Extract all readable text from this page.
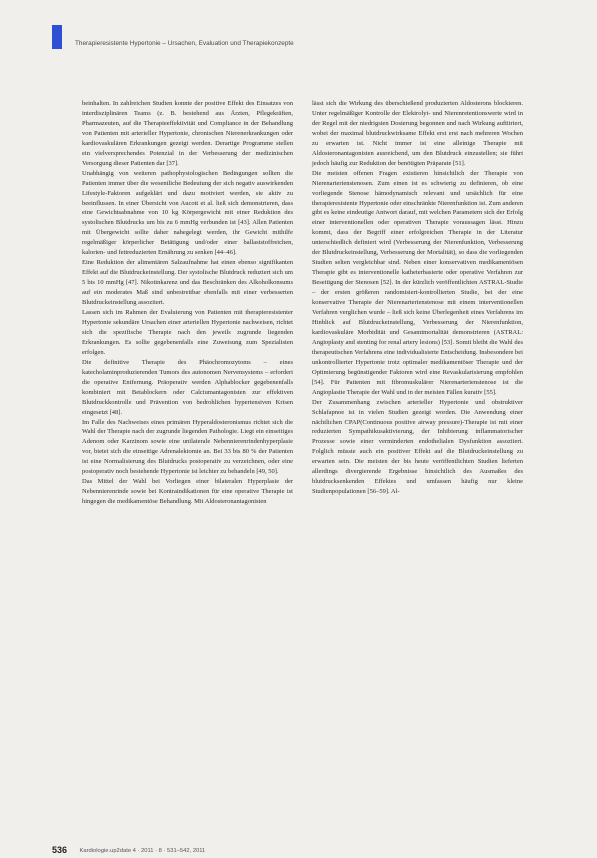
Therapieresistente Hypertonie – Ursachen, Evaluation und Therapiekonzepte

beinhalten. In zahlreichen Studien konnte der positive Effekt des Einsatzes von interdisziplinären Teams (z. B. bestehend aus Ärzten, Pflegekräften, Pharmazeuten, auf die Therapieeffektivität und Compliance in der Behandlung von Patienten mit arterieller Hypertonie, chronischen Nierenerkrankungen oder kardiovaskulären Erkrankungen gezeigt werden. Derartige Programme stellen ein vielversprechendes Potenzial in der Verbesserung der medizinischen Versorgung dieser Patienten dar [37].

Unabhängig von weiteren pathophysiologischen Bedingungen sollten die Patienten immer über die wesentliche Bedeutung der sich negativ auswirkenden Lifestyle-Faktoren aufgeklärt und dazu motiviert werden, sie aktiv zu beeinflussen. In einer Übersicht von Aucott et al. ließ sich demonstrieren, dass eine Gewichtsabnahme von 10 kg Körpergewicht mit einer Reduktion des systolischen Blutdrucks um bis zu 6 mmHg verbunden ist [43]. Allen Patienten mit Übergewicht sollte daher nahegelegt werden, ihr Gewicht mithilfe regelmäßiger körperlicher Betätigung und/oder einer ballaststoffreichen, kalorien- und fettreduzierten Ernährung zu senken [44–46].

Eine Reduktion der alimentären Salzaufnahme hat einen ebenso signifikanten Effekt auf die Blutdruckeinstellung. Der systolische Blutdruck reduziert sich um 5 bis 10 mmHg [47]. Nikotinkarenz und das Beschränken des Alkoholkonsums auf ein moderates Maß sind unbestreitbar ebenfalls mit einer verbesserten Blutdruckeinstellung assoziiert.

Lassen sich im Rahmen der Evaluierung von Patienten mit therapieresistenter Hypertonie sekundäre Ursachen einer arteriellen Hypertonie nachweisen, richtet sich die spezifische Therapie nach den jeweils zugrunde liegenden Erkrankungen. Es sollte gegebenenfalls eine Zuweisung zum Spezialisten erfolgen.

Die definitive Therapie des Phäochromozytoms – eines katecholaminproduzierenden Tumors des autonomen Nervensystems – erfordert die operative Entfernung. Präoperativ werden Alphablocker gegebenenfalls kombiniert mit Betablockern oder Calciumantagonisten zur effektiven Blutdruckkontrolle und Prävention von bedrohlichen hypertensiven Krisen eingesetzt [48].

Im Falle des Nachweises eines primären Hyperaldosteronismus richtet sich die Wahl der Therapie nach der zugrunde liegenden Pathologie. Liegt ein einseitiges Adenom oder Karzinom sowie eine unilaterale Nebennierenrindenhyperplasie vor, bietet sich die einseitige Adrenalektomie an. Bei 33 bis 80 % der Patienten ist eine Normalisierung des Blutdrucks postoperativ zu verzeichnen, oder eine postoperativ noch bestehende Hypertonie ist leichter zu behandeln [49, 50].

Das Mittel der Wahl bei Vorliegen einer bilateralen Hyperplasie der Nebennierenrinde sowie bei Kontraindikationen für eine operative Therapie ist hingegen die medikamentöse Behandlung. Mit Aldosteronantagonisten

lässt sich die Wirkung des überschießend produzierten Aldosterons blockieren. Unter regelmäßiger Kontrolle der Elektrolyt- und Nierenretentionswerte wird in der Regel mit der niedrigsten Dosierung begonnen und nach Wirkung auftitriert, wobei der maximal blutdruckwirksame Effekt erst erst nach mehreren Wochen zu erwarten ist. Nicht immer ist eine alleinige Therapie mit Aldosteronantagonisten ausreichend, um den Blutdruck einzustellen; sie führt jedoch häufig zur Reduktion der benötigten Präparate [51].

Die meisten offenen Fragen existieren hinsichtlich der Therapie von Nierenarterienstenosen. Zum einen ist es schwierig zu definieren, ob eine vorliegende Stenose hämodynamisch relevant und ursächlich für eine therapieresistente Hypertonie oder einschränkte Nierenfunktion ist. Zum anderen gibt es keine eindeutige Antwort darauf, mit welchen Parametern sich der Erfolg einer interventionellen oder operativen Therapie voraussagen lässt. Hinzu kommt, dass der Begriff einer erfolgreichen Therapie in der Literatur unterschiedlich definiert wird (Verbesserung der Nierenfunktion, Verbesserung der Blutdruckeinstellung, Verbesserung der Mortalität), so dass die vorliegenden Studien selten vergleichbar sind. Neben einer konservativen medikamentösen Therapie gibt es interventionelle katheterbasierte oder operative Verfahren zur Beseitigung der Stenosen [52]. In der kürzlich veröffentlichten ASTRAL-Studie – der ersten größeren randomisiert-kontrollierten Studie, bei der eine konservative Therapie der Nierenarterienstenose mit einem interventionellen Verfahren verglichen wurde – ließ sich keine Überlegenheit eines Verfahrens im Hinblick auf Blutdruckeinstellung, Verbesserung der Nierenfunktion, kardiovaskuläre Morbidität und Gesamtmortalität demonstrieren (ASTRAL: Angioplasty and stenting for renal artery lesions) [53]. Somit bleibt die Wahl des therapeutischen Verfahrens eine individualisierte Entscheidung. Insbesondere bei unkontrollierter Hypertonie trotz optimaler medikamentöser Therapie und der Optimierung begünstigender Faktoren wird eine Revaskularisierung empfohlen [54]. Für Patienten mit fibromuskulärer Nierenarterienstenose ist die Angioplastie Therapie der Wahl und in der meisten Fällen kurativ [55].

Der Zusammenhang zwischen arterieller Hypertonie und obstruktiver Schlafapnoe ist in vielen Studien gezeigt worden. Die Anwendung einer nächtlichen CPAP(Continuous positive airway pressure)-Therapie ist mit einer reduzierten Sympathikusaktivierung, der Inhibierung inflammatorischer Prozesse sowie einer verminderten endothelialen Dysfunktion assoziiert. Folglich müsste auch ein positiver Effekt auf die Blutdruckeinstellung zu erwarten sein. Die meisten der bis heute veröffentlichten Studien lieferten allerdings divergierende Ergebnisse hinsichtlich des Ausmaßes des blutdrucksenkenden Effektes und umfassen häufig nur kleine Studienpopulationen [56–59]. Al-

536 Kardiologie.up2date 4 · 2011 · 8 · 531–542, 2011
